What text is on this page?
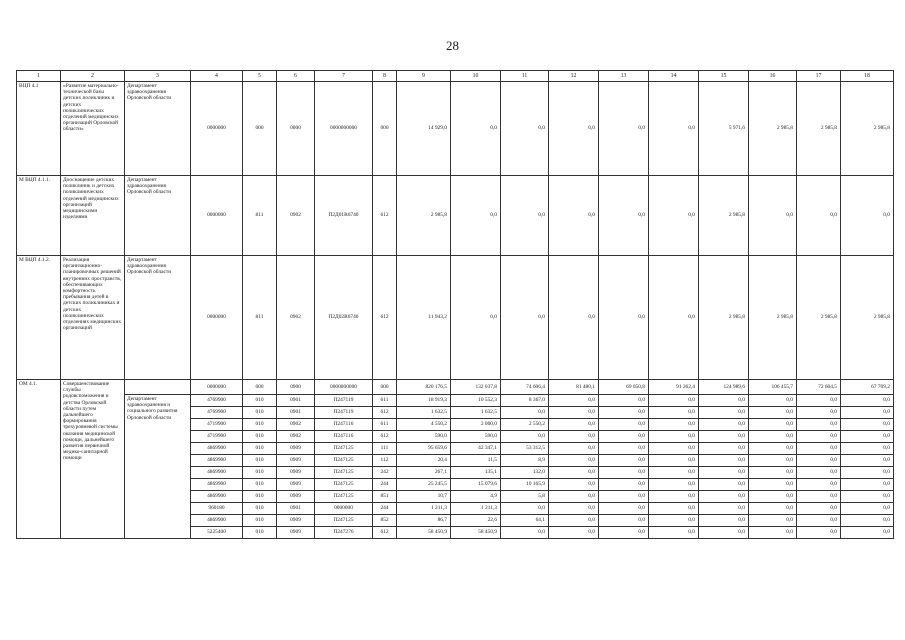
28
1	2	3	4	5	6	7	8	9	10	11	12	13	14	15	16	17	18
ВЦП 4.1	«Развитие материально-технической базы детских поликлиник и детских поликлинических отделений медицинских организаций Орловской области»	Департамент здравоохранения Орловской области	0000000	000	0000	0000000000	000	14 929,0	0,0	0,0	0,0	0,0	0,0	5 971,6	2 985,8	2 985,8	2 985,8
М ВЦП 4.1.1.	Дооснащение детских поликлиник и детских поликлинических отделений медицинских организаций медицинскими изделиями	Департамент здравоохранения Орловской области	0000000	811	0902	П2Д01R6740	612	2 985,8	0,0	0,0	0,0	0,0	0,0	2 985,8	0,0	0,0	0,0
М ВЦП 4.1.2.	Реализация организационно-планировочных решений внутренних пространств, обеспечивающих комфортность пребывания детей в детских поликлиниках и детских поликлинических отделениях медицинских организаций	Департамент здравоохранения Орловской области	0000000	811	0902	П2Д02R6740	612	11 943,2	0,0	0,0	0,0	0,0	0,0	2 985,8	2 985,8	2 985,8	2 985,8
ОМ 4.1.	Совершенствование службы родовспоможения и детства Орловской области путем дальнейшего формирования трехуровневой системы оказания медицинской помощи, дальнейшего развития первичной медико-санитарной помощи		0000000	000	0900	0000000000	000	820 176,5	132 037,8	74 606,4	81 480,1	69 050,8	91 262,4	124 989,6	106 455,7	72 604,5	67 709,2
		Департамент здравоохранения и социального развития Орловской области	4769900	010	0901	П247119	611	18 919,3	10 552,3	8 367,0	0,0	0,0	0,0	0,0	0,0	0,0	0,0
			4769900	010	0901	П247119	612	1 632,5	1 632,5	0,0	0,0	0,0	0,0	0,0	0,0	0,0	0,0
			4719900	010	0902	П247116	611	4 550,2	2 000,0	2 550,2	0,0	0,0	0,0	0,0	0,0	0,0	0,0
			4719900	010	0902	П247116	612	590,0	590,0	0,0	0,0	0,0	0,0	0,0	0,0	0,0	0,0
			4869900	010	0909	П247125	111	95 659,6	42 347,1	53 312,5	0,0	0,0	0,0	0,0	0,0	0,0	0,0
			4869900	010	0909	П247125	112	20,4	11,5	8,9	0,0	0,0	0,0	0,0	0,0	0,0	0,0
			4869900	010	0909	П247125	242	267,1	135,1	132,0	0,0	0,0	0,0	0,0	0,0	0,0	0,0
			4869900	010	0909	П247125	244	25 245,5	15 079,6	10 165,9	0,0	0,0	0,0	0,0	0,0	0,0	0,0
			4869900	010	0909	П247125	851	10,7	4,9	5,8	0,0	0,0	0,0	0,0	0,0	0,0	0,0
			960180	010	0901	0000000	244	1 211,3	1 211,3	0,0	0,0	0,0	0,0	0,0	0,0	0,0	0,0
			4869900	010	0909	П247125	852	86,7	22,6	64,1	0,0	0,0	0,0	0,0	0,0	0,0	0,0
			5225400	010	0909	П247276	612	58 450,9	58 450,9	0,0	0,0	0,0	0,0	0,0	0,0	0,0	0,0
